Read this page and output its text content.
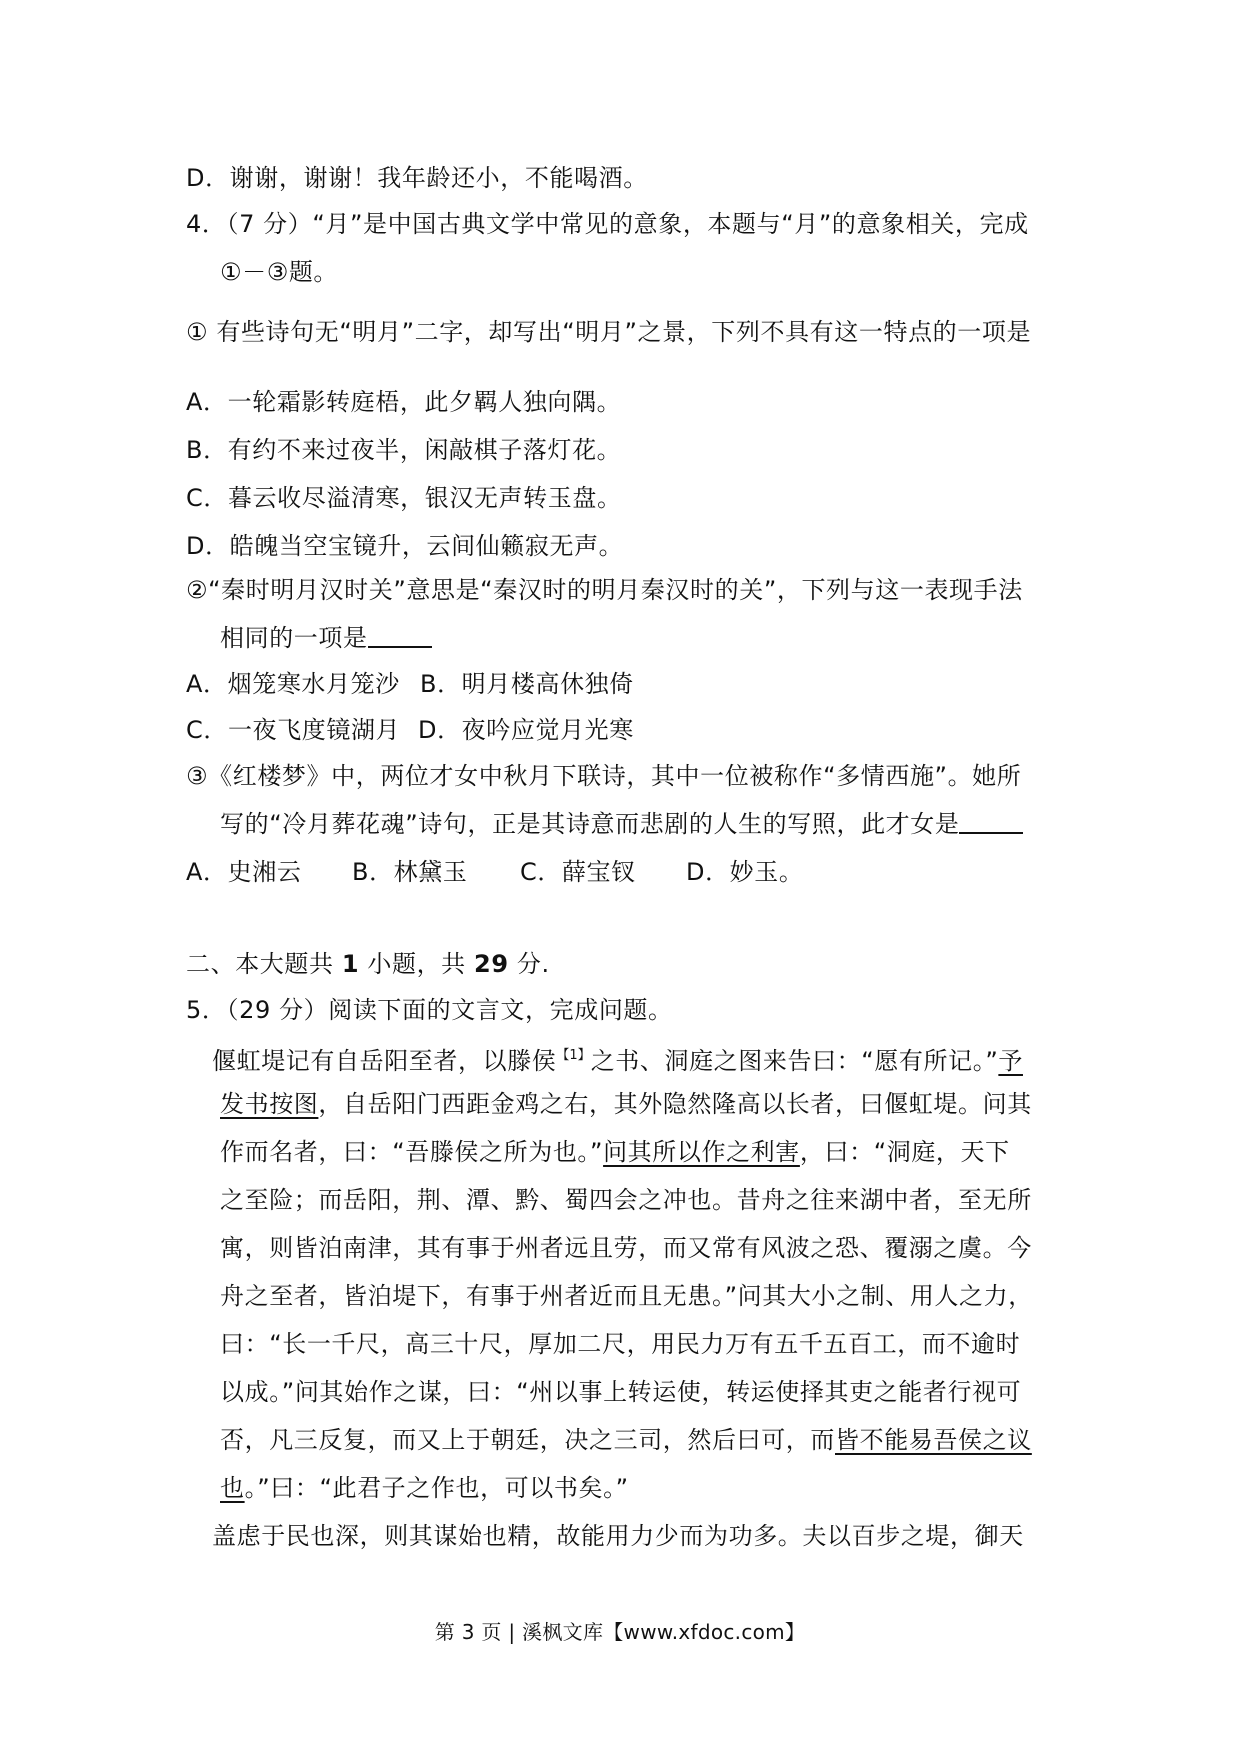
D．谢谢，谢谢！我年龄还小，不能喝酒。
4．（7 分）“月”是中国古典文学中常见的意象，本题与“月”的意象相关，完成
①－③题。
① 有些诗句无“明月”二字，却写出“明月”之景，下列不具有这一特点的一项是
A．一轮霜影转庭梧，此夕羁人独向隅。
B．有约不来过夜半，闲敲棋子落灯花。
C．暮云收尽溢清寒，银汉无声转玉盘。
D．皓魄当空宝镜升，云间仙籁寂无声。
②“秦时明月汉时关”意思是“秦汉时的明月秦汉时的关”，下列与这一表现手法
相同的一项是
A．烟笼寒水月笼沙 B．明月楼高休独倚
C．一夜飞度镜湖月 D．夜吟应觉月光寒
③《红楼梦》中，两位才女中秋月下联诗，其中一位被称作“多情西施”。她所
写的“冷月葬花魂”诗句，正是其诗意而悲剧的人生的写照，此才女是
A．史湘云 B．林黛玉 C．薛宝钗 D．妙玉。
二、本大题共 1 小题，共 29 分.
5．（29 分）阅读下面的文言文，完成问题。
偃虹堤记有自岳阳至者，以滕侯$^{【1】}$之书、洞庭之图来告曰：“愿有所记。”予
发书按图，自岳阳门西距金鸡之右，其外隐然隆高以长者，曰偃虹堤。问其
作而名者，曰：“吾滕侯之所为也。”问其所以作之利害，曰：“洞庭，天下
之至险；而岳阳，荆、潭、黔、蜀四会之冲也。昔舟之往来湖中者，至无所
寓，则皆泊南津，其有事于州者远且劳，而又常有风波之恐、覆溺之虞。今
舟之至者，皆泊堤下，有事于州者近而且无患。”问其大小之制、用人之力，
曰：“长一千尺，高三十尺，厚加二尺，用民力万有五千五百工，而不逾时
以成。”问其始作之谋，曰：“州以事上转运使，转运使择其吏之能者行视可
否，凡三反复，而又上于朝廷，决之三司，然后曰可，而皆不能易吾侯之议
也。”曰：“此君子之作也，可以书矣。”
盖虑于民也深，则其谋始也精，故能用力少而为功多。夫以百步之堤，御天
第 3 页 | 溪枫文库【www.xfdoc.com】
